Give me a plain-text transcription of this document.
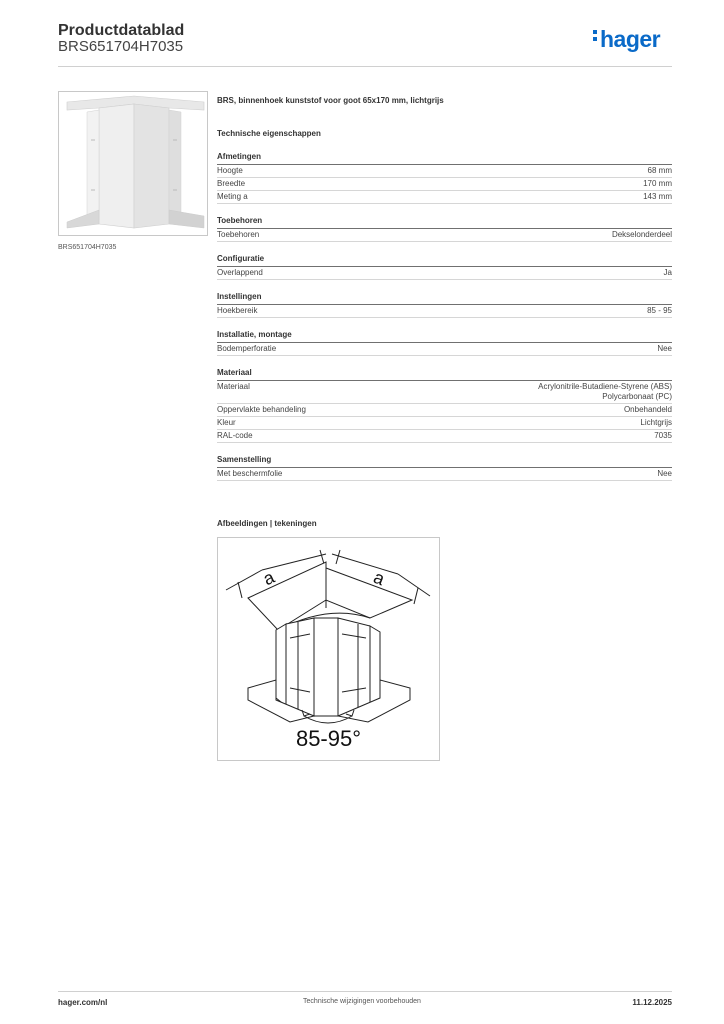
Productdatablad
BRS651704H7035	hager
BRS651704H7035
BRS, binnenhoek kunststof voor goot 65x170 mm, lichtgrijs
Technische eigenschappen
Afmetingen
Hoogte	68 mm
Breedte	170 mm
Meting a	143 mm
Toebehoren
Toebehoren	Dekselonderdeel
Configuratie
Overlappend	Ja
Instellingen
Hoekbereik	85 - 95
Installatie, montage
Bodemperforatie	Nee
Materiaal
Materiaal	Acrylonitrile-Butadiene-Styrene (ABS)
Polycarbonaat (PC)
Oppervlakte behandeling	Onbehandeld
Kleur	Lichtgrijs
RAL-code	7035
Samenstelling
Met beschermfolie	Nee
Afbeeldingen | tekeningen
a	a
85-95°
hager.com/nl	Technische wijzigingen voorbehouden	11.12.2025
